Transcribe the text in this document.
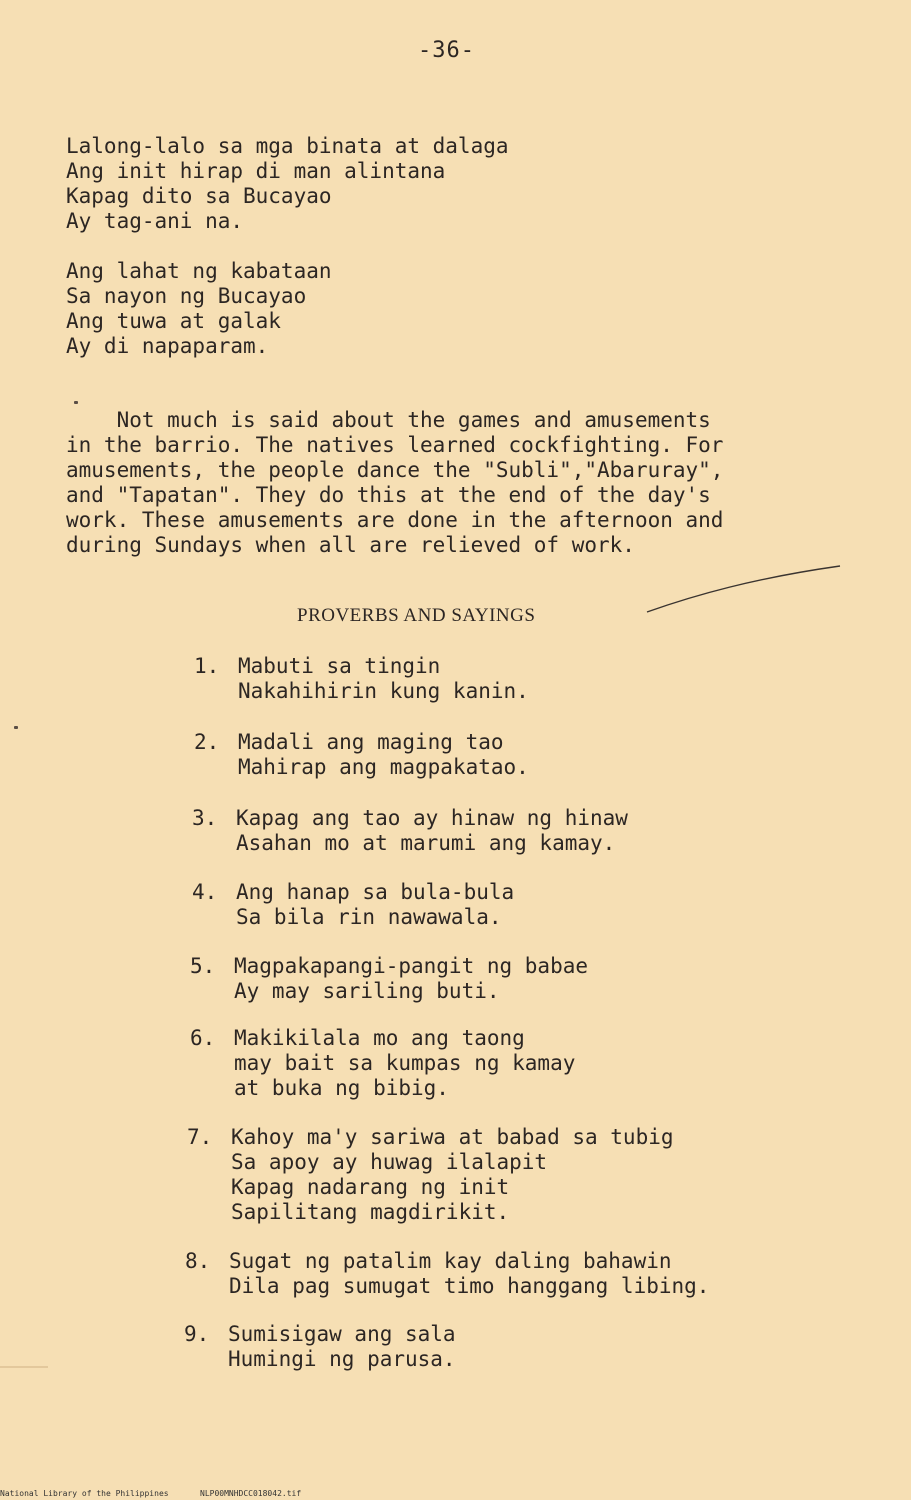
-36-
Lalong-lalo sa mga binata at dalaga
Ang init hirap di man alintana
Kapag dito sa Bucayao
Ay tag-ani na.
Ang lahat ng kabataan
Sa nayon ng Bucayao
Ang tuwa at galak
Ay di napaparam.
Not much is said about the games and amusements
in the barrio. The natives learned cockfighting. For
amusements, the people dance the "Subli","Abaruray",
and "Tapatan". They do this at the end of the day's
work. These amusements are done in the afternoon and
during Sundays when all are relieved of work.
PROVERBS AND SAYINGS
1. Mabuti sa tingin
Nakahihirin kung kanin.
2. Madali ang maging tao
Mahirap ang magpakatao.
3. Kapag ang tao ay hinaw ng hinaw
Asahan mo at marumi ang kamay.
4. Ang hanap sa bula-bula
Sa bila rin nawawala.
5. Magpakapangi-pangit ng babae
Ay may sariling buti.
6. Makikilala mo ang taong
may bait sa kumpas ng kamay
at buka ng bibig.
7. Kahoy ma'y sariwa at babad sa tubig
Sa apoy ay huwag ilalapit
Kapag nadarang ng init
Sapilitang magdirikit.
8. Sugat ng patalim kay daling bahawin
Dila pag sumugat timo hanggang libing.
9. Sumisigaw ang sala
Humingi ng parusa.
National Library of the Philippines	NLP00MNHDCC018042.tif
